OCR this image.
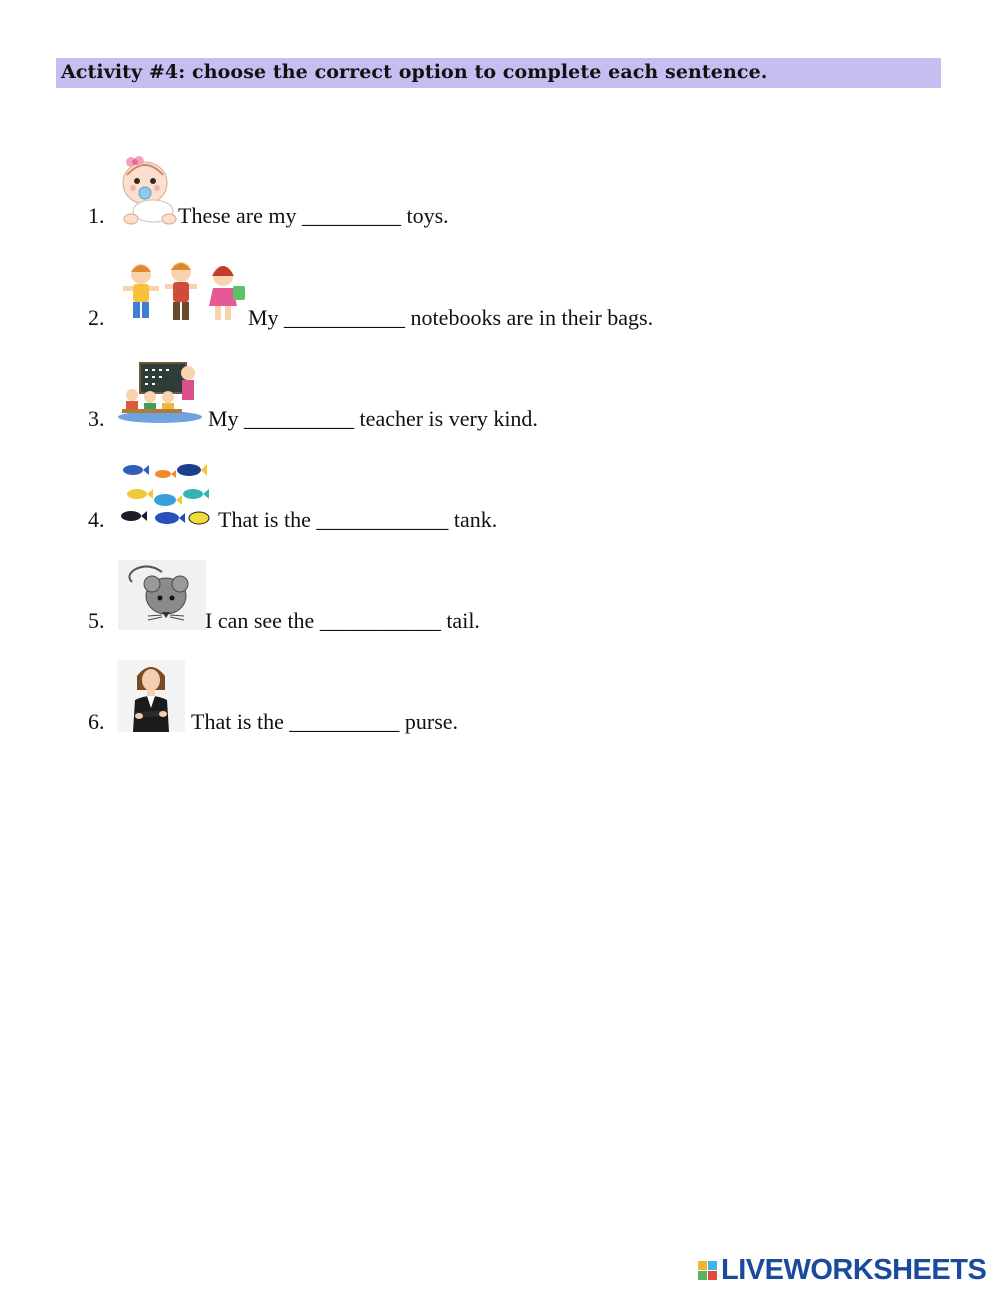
Activity #4: choose the correct option to complete each sentence.
1.	These are my _________ toys.
2.	My ___________ notebooks are in their bags.
3.	My __________ teacher is very kind.
4.	That is the ____________ tank.
5.	I can see the ___________ tail.
6.	That is the __________ purse.
LIVEWORKSHEETS
